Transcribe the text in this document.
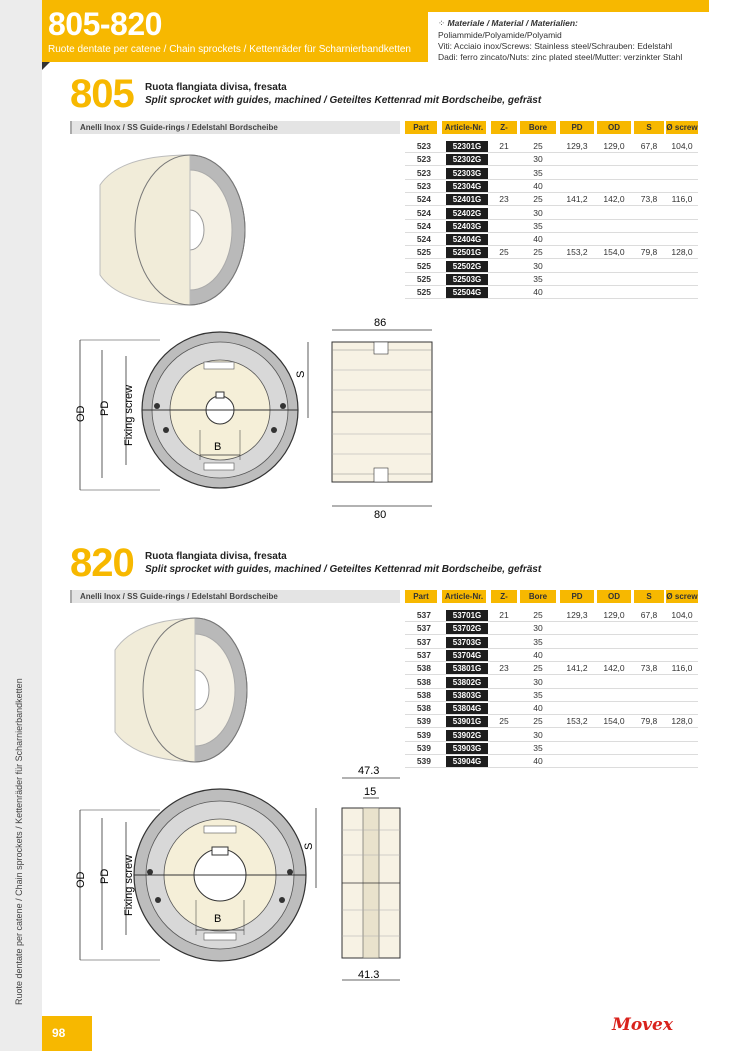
Ruote dentate per catene / Chain sprockets / Kettenräder für Scharnierbandketten
805-820
Ruote dentate per catene / Chain sprockets / Kettenräder für Scharnierbandketten
⁘ Materiale / Material / Materialien:
Poliammide/Polyamide/Polyamid
Viti: Acciaio inox/Screws: Stainless steel/Schrauben: Edelstahl
Dadi: ferro zincato/Nuts: zinc plated steel/Mutter: verzinkter Stahl
805 Ruota flangiata divisa, fresata
Split sprocket with guides, machined / Geteiltes Kettenrad mit Bordscheibe, gefräst
Anelli Inox / SS Guide-rings / Edelstahl Bordscheibe	Part	Article-Nr.	Z-	Bore	PD	OD	S	Ø screw
523	52301G	21	25	129,3	129,0	67,8	104,0
523	52302G	30
523	52303G	35
523	52304G	40
524	52401G	23	25	141,2	142,0	73,8	116,0
524	52402G	30
524	52403G	35
524	52404G	40
525	52501G	25	25	153,2	154,0	79,8	128,0
525	52502G	30
525	52503G	35
525	52504G	40
820 Ruota flangiata divisa, fresata
Split sprocket with guides, machined / Geteiltes Kettenrad mit Bordscheibe, gefräst
Anelli Inox / SS Guide-rings / Edelstahl Bordscheibe	Part	Article-Nr.	Z-	Bore	PD	OD	S	Ø screw
537	53701G	21	25	129,3	129,0	67,8	104,0
537	53702G	30
537	53703G	35
537	53704G	40
538	53801G	23	25	141,2	142,0	73,8	116,0
538	53802G	30
538	53803G	35
538	53804G	40
539	53901G	25	25	153,2	154,0	79,8	128,0
539	53902G	30
539	53903G	35
539	53904G	40
OD PD Fixing screw
B
S
86
80
OD PD Fixing screw
B
S
47.3
15
41.3
98	Movex
